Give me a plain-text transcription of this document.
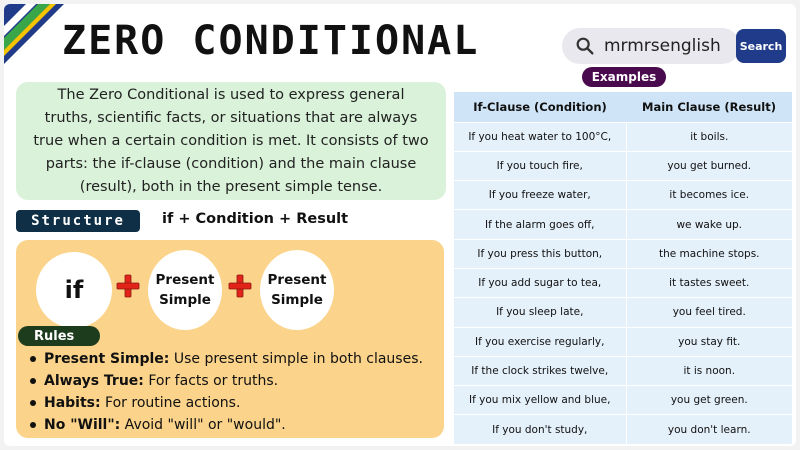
ZERO CONDITIONAL	mrmrsenglish	Search
Examples

The Zero Conditional is used to express general truths, scientific facts, or situations that are always true when a certain condition is met. It consists of two parts: the if-clause (condition) and the main clause (result), both in the present simple tense.

Structure	if + Condition + Result
if	Present Simple
Present Simple
Rules
Present Simple: Use present simple in both clauses.
Always True: For facts or truths.
Habits: For routine actions.
No "Will": Avoid "will" or "would".
If-Clause (Condition)	Main Clause (Result)
If you heat water to 100°C,	it boils.
If you touch fire,	you get burned.
If you freeze water,	it becomes ice.
If the alarm goes off,	we wake up.
If you press this button,	the machine stops.
If you add sugar to tea,	it tastes sweet.
If you sleep late,	you feel tired.
If you exercise regularly,	you stay fit.
If the clock strikes twelve,	it is noon.
If you mix yellow and blue,	you get green.
If you don't study,	you don't learn.
